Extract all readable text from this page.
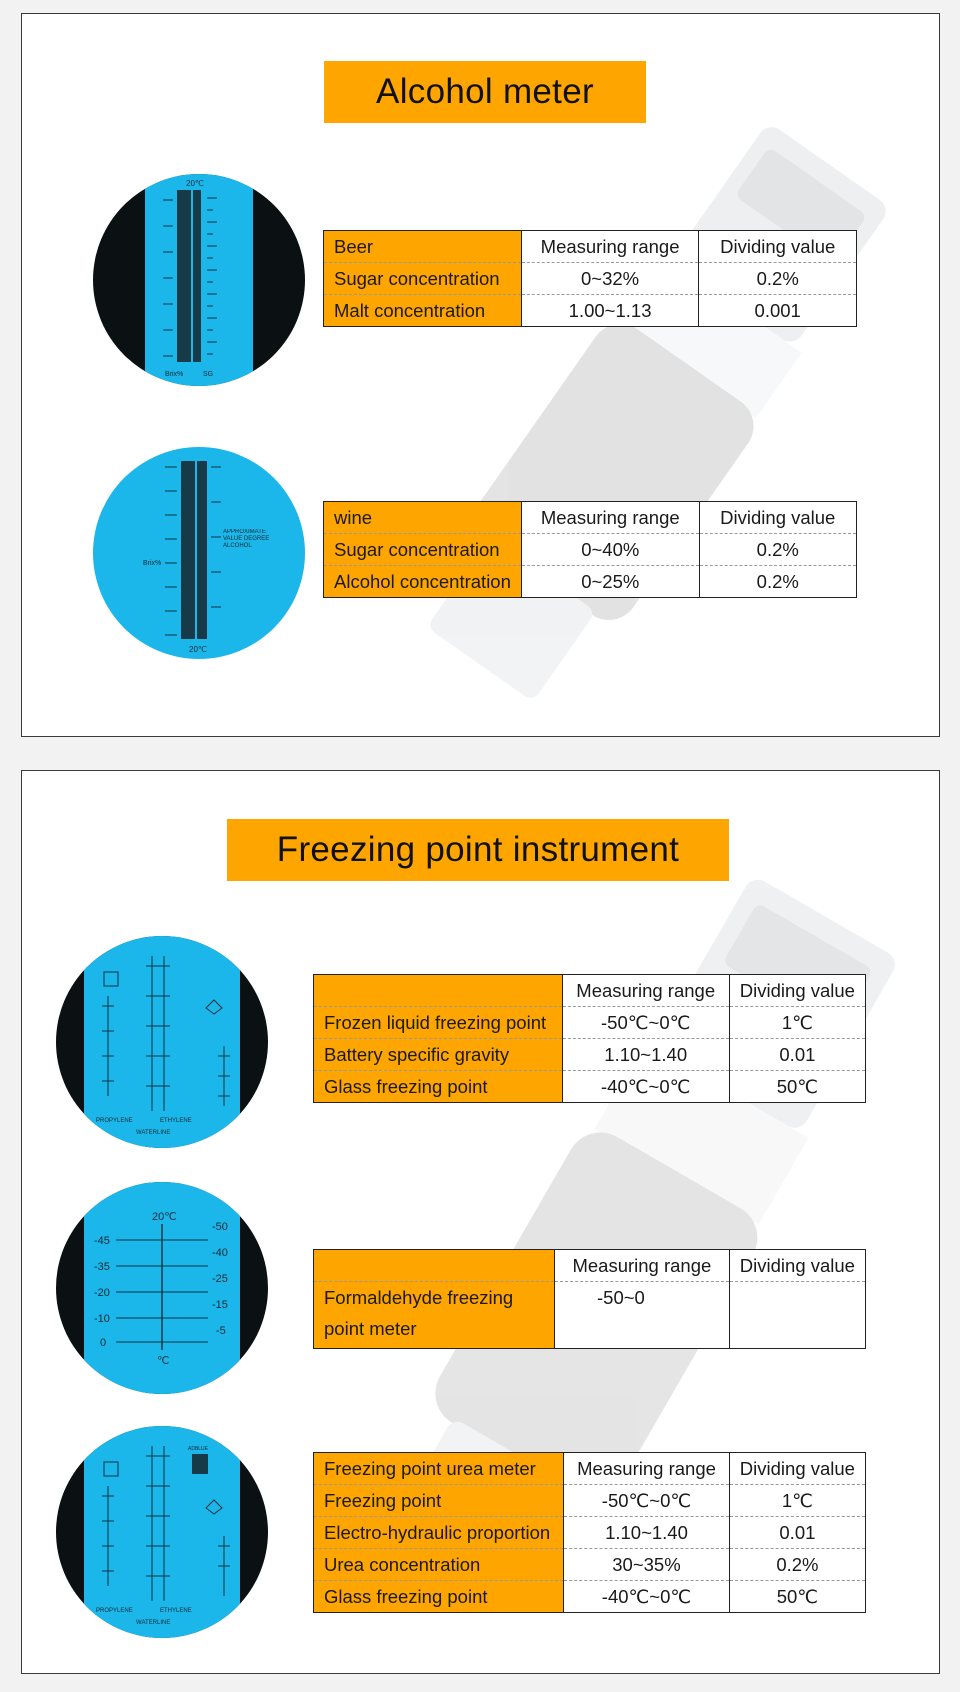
Alcohol meter
20℃
Brix%	SG
Beer	Measuring range	Dividing value
Sugar concentration	0~32%	0.2%
Malt concentration	1.00~1.13	0.001
20℃
Brix%
APPROXIMATE VALUE DEGREE ALCOHOL
wine	Measuring range	Dividing value
Sugar concentration	0~40%	0.2%
Alcohol concentration	0~25%	0.2%
Freezing point instrument
PROPYLENE	ETHYLENE
WATERLINE
	Measuring range	Dividing value
Frozen liquid freezing point	-50℃~0℃	1℃
Battery specific gravity	1.10~1.40	0.01
Glass freezing point	-40℃~0℃	50℃
20℃
℃
-45
-35
-20
-10
0
-50
-40
-25
-15
-5
	Measuring range	Dividing value
Formaldehyde freezing point meter	-50~0	
ADBLUE
PROPYLENE	ETHYLENE
WATERLINE
Freezing point urea meter	Measuring range	Dividing value
Freezing point	-50℃~0℃	1℃
Electro-hydraulic proportion	1.10~1.40	0.01
Urea concentration	30~35%	0.2%
Glass freezing point	-40℃~0℃	50℃
